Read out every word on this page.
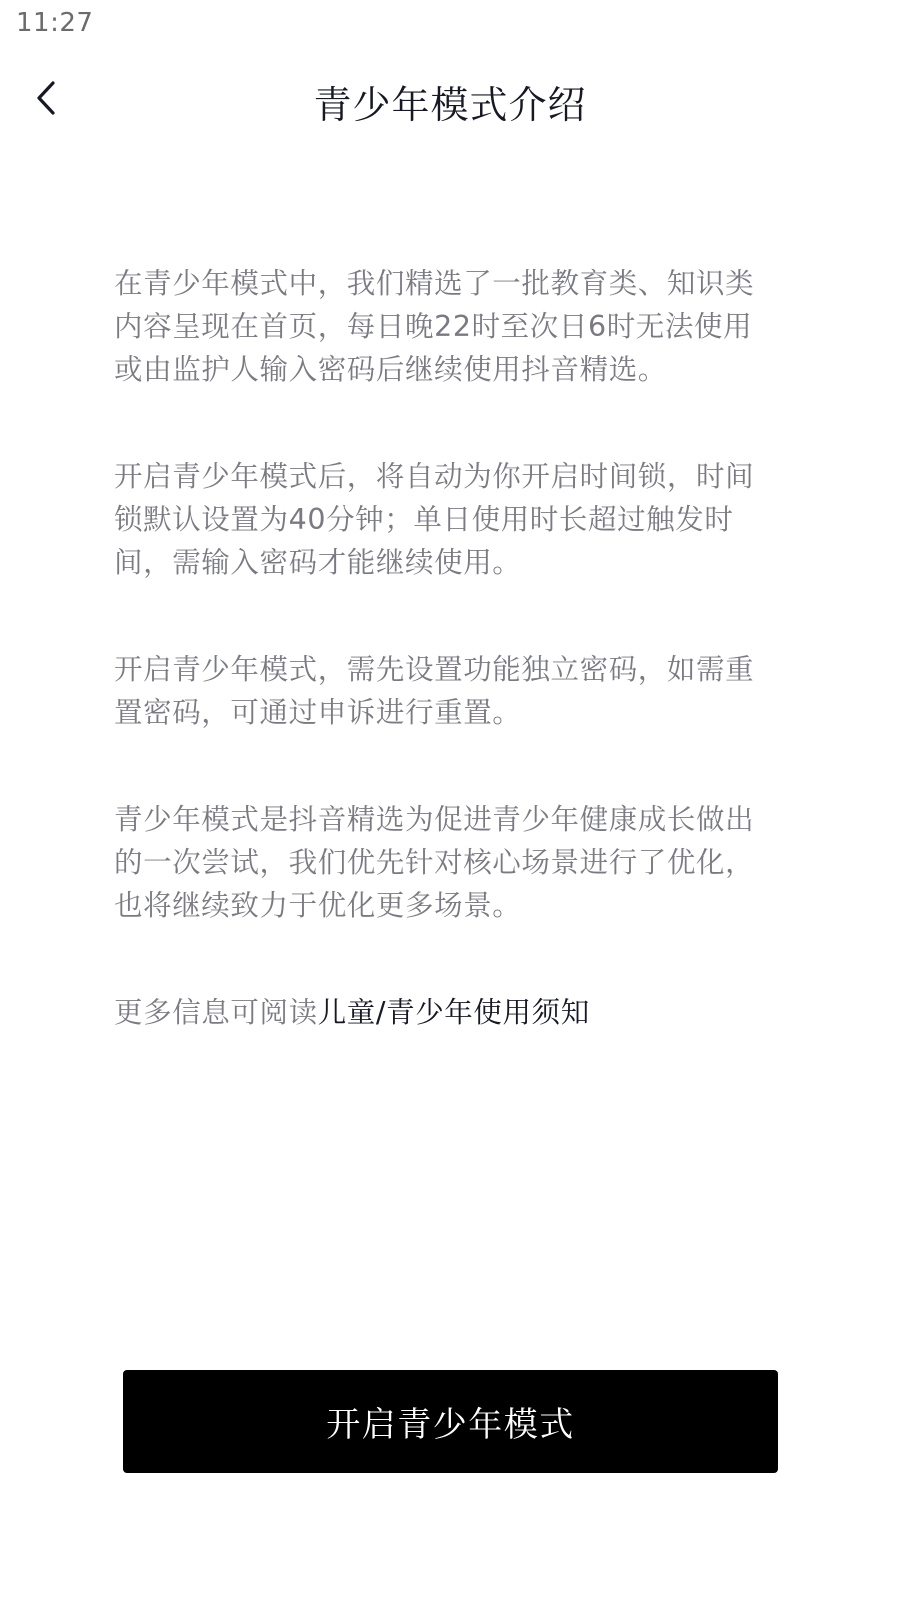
11:27
青少年模式介绍

在青少年模式中，我们精选了一批教育类、知识类内容呈现在首页，每日晚22时至次日6时无法使用或由监护人输入密码后继续使用抖音精选。

开启青少年模式后，将自动为你开启时间锁，时间锁默认设置为40分钟；单日使用时长超过触发时间，需输入密码才能继续使用。

开启青少年模式，需先设置功能独立密码，如需重置密码，可通过申诉进行重置。

青少年模式是抖音精选为促进青少年健康成长做出的一次尝试，我们优先针对核心场景进行了优化，也将继续致力于优化更多场景。

更多信息可阅读儿童/青少年使用须知

开启青少年模式
